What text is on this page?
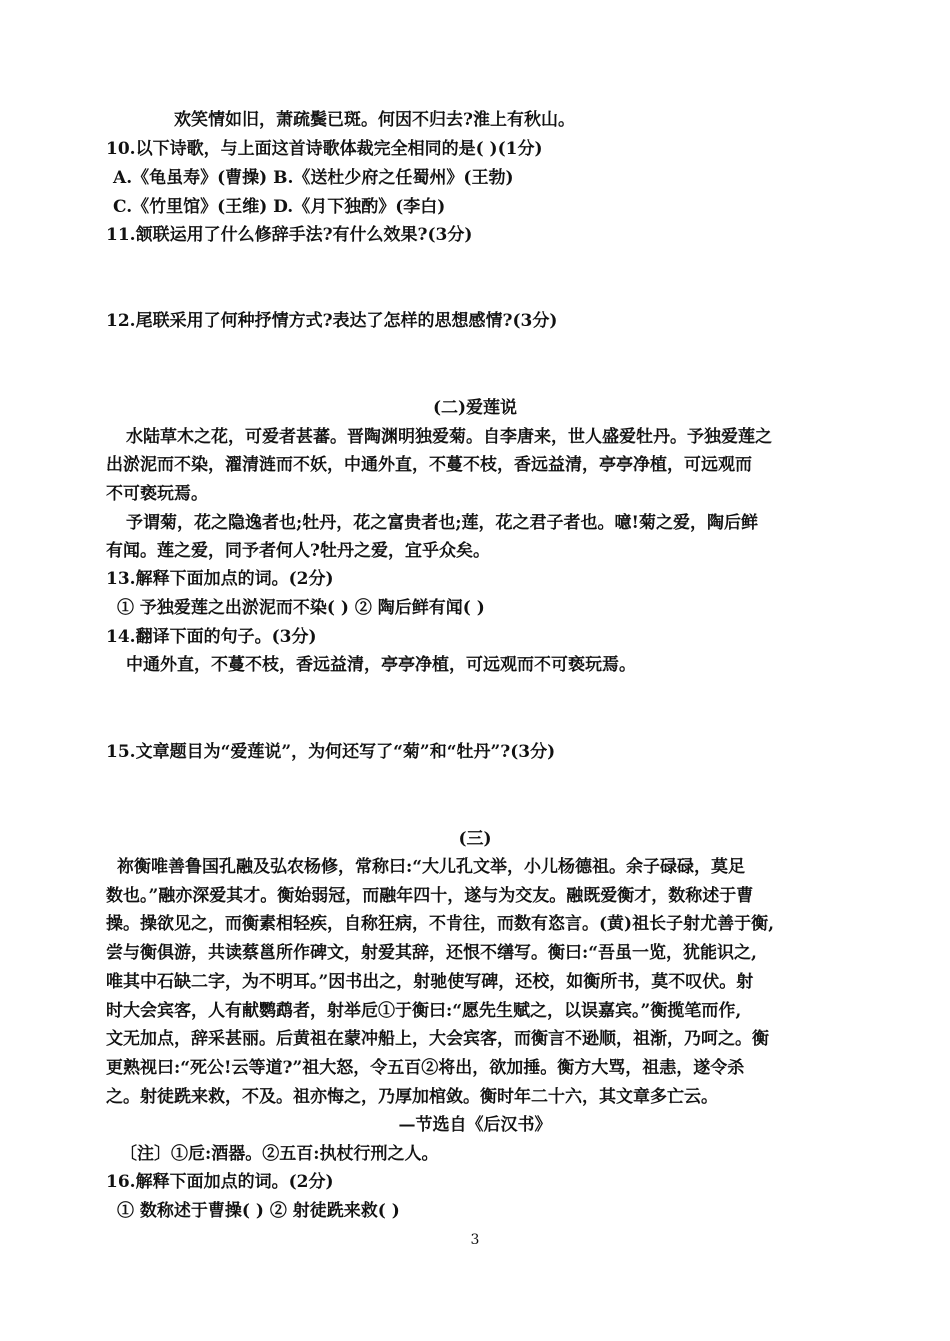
欢笑情如旧，萧疏鬓已斑。何因不归去?淮上有秋山。
10.以下诗歌，与上面这首诗歌体裁完全相同的是( )(1分)
A.《龟虽寿》(曹操) B.《送杜少府之任蜀州》(王勃)
C.《竹里馆》(王维) D.《月下独酌》(李白)
11.颔联运用了什么修辞手法?有什么效果?(3分)
12.尾联采用了何种抒情方式?表达了怎样的思想感情?(3分)
(二)爱莲说
水陆草木之花，可爱者甚蕃。晋陶渊明独爱菊。自李唐来，世人盛爱牡丹。予独爱莲之
出淤泥而不染，濯清涟而不妖，中通外直，不蔓不枝，香远益清，亭亭净植，可远观而
不可亵玩焉。
予谓菊，花之隐逸者也;牡丹，花之富贵者也;莲，花之君子者也。噫!菊之爱，陶后鲜
有闻。莲之爱，同予者何人?牡丹之爱，宜乎众矣。
13.解释下面加点的词。(2分)
① 予独爱莲之出淤泥而不染( ) ② 陶后鲜有闻( )
14.翻译下面的句子。(3分)
中通外直，不蔓不枝，香远益清，亭亭净植，可远观而不可亵玩焉。
15.文章题目为“爱莲说”，为何还写了“菊”和“牡丹”?(3分)
(三)
祢衡唯善鲁国孔融及弘农杨修，常称曰:“大儿孔文举，小儿杨德祖。余子碌碌，莫足
数也。”融亦深爱其才。衡始弱冠，而融年四十，遂与为交友。融既爱衡才，数称述于曹
操。操欲见之，而衡素相轻疾，自称狂病，不肯往，而数有恣言。(黄)祖长子射尤善于衡,
尝与衡俱游，共读蔡邕所作碑文，射爱其辞，还恨不缮写。衡曰:“吾虽一览，犹能识之,
唯其中石缺二字，为不明耳。”因书出之，射驰使写碑，还校，如衡所书，莫不叹伏。射
时大会宾客，人有献鹦鹉者，射举卮①于衡曰:“愿先生赋之，以误嘉宾。”衡揽笔而作,
文无加点，辞采甚丽。后黄祖在蒙冲船上，大会宾客，而衡言不逊顺，祖渐，乃呵之。衡
更熟视曰:“死公!云等道?”祖大怒，令五百②将出，欲加捶。衡方大骂，祖恚，遂令杀
之。射徒跣来救，不及。祖亦悔之，乃厚加棺敛。衡时年二十六，其文章多亡云。
—节选自《后汉书》
〔注〕①卮:酒器。②五百:执杖行刑之人。
16.解释下面加点的词。(2分)
① 数称述于曹操( ) ② 射徒跣来救( )
3
